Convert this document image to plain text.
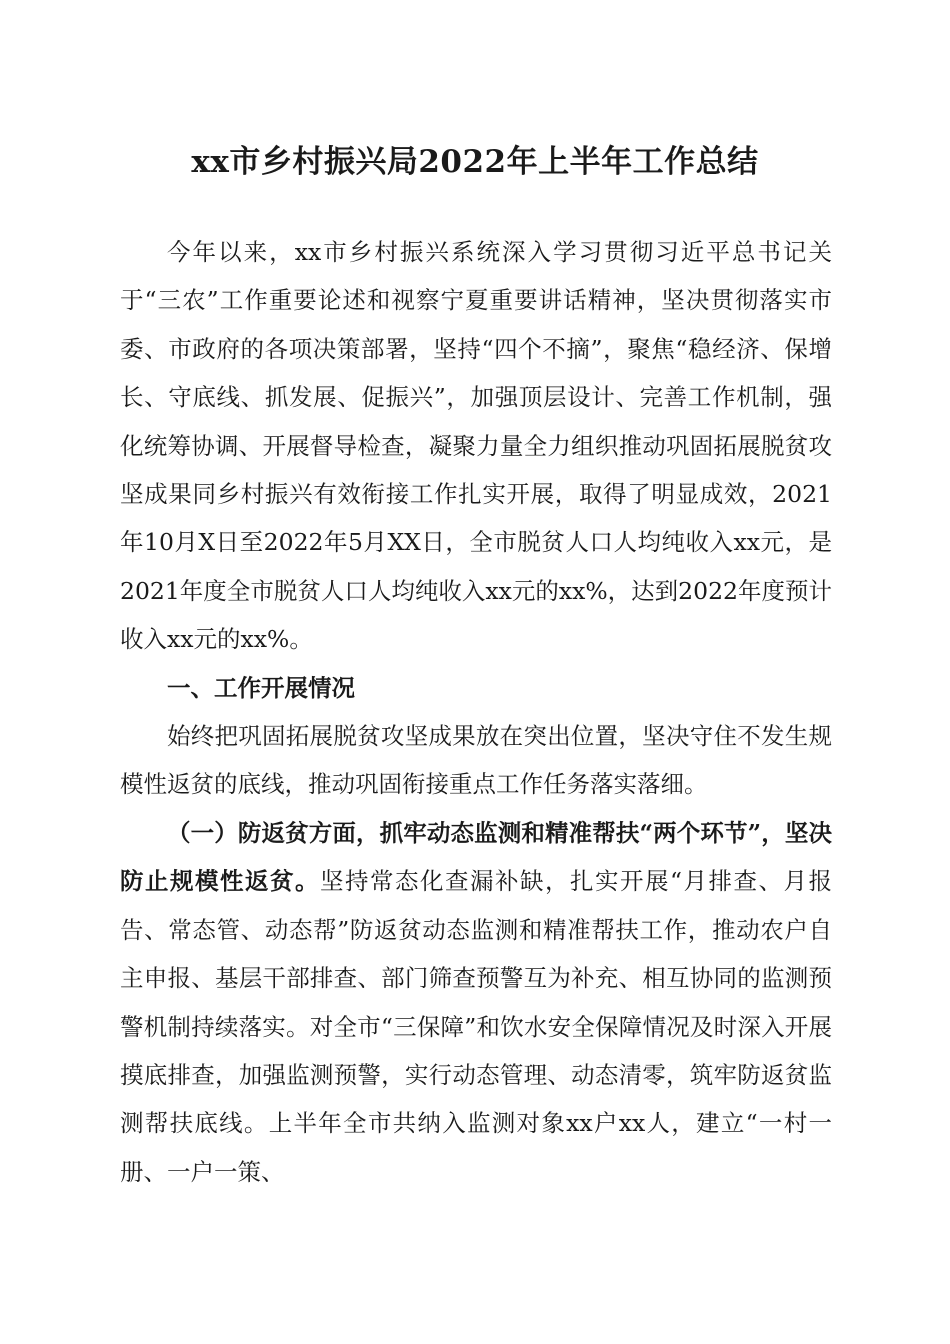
xx市乡村振兴局2022年上半年工作总结

今年以来，xx市乡村振兴系统深入学习贯彻习近平总书记关于“三农”工作重要论述和视察宁夏重要讲话精神，坚决贯彻落实市委、市政府的各项决策部署，坚持“四个不摘”，聚焦“稳经济、保增长、守底线、抓发展、促振兴”，加强顶层设计、完善工作机制，强化统筹协调、开展督导检查，凝聚力量全力组织推动巩固拓展脱贫攻坚成果同乡村振兴有效衔接工作扎实开展，取得了明显成效，2021年10月X日至2022年5月XX日，全市脱贫人口人均纯收入xx元，是2021年度全市脱贫人口人均纯收入xx元的xx%，达到2022年度预计收入xx元的xx%。

一、工作开展情况

始终把巩固拓展脱贫攻坚成果放在突出位置，坚决守住不发生规模性返贫的底线，推动巩固衔接重点工作任务落实落细。

（一）防返贫方面，抓牢动态监测和精准帮扶“两个环节”，坚决防止规模性返贫。坚持常态化查漏补缺，扎实开展“月排查、月报告、常态管、动态帮”防返贫动态监测和精准帮扶工作，推动农户自主申报、基层干部排查、部门筛查预警互为补充、相互协同的监测预警机制持续落实。对全市“三保障”和饮水安全保障情况及时深入开展摸底排查，加强监测预警，实行动态管理、动态清零，筑牢防返贫监测帮扶底线。上半年全市共纳入监测对象xx户xx人，建立“一村一册、一户一策、
